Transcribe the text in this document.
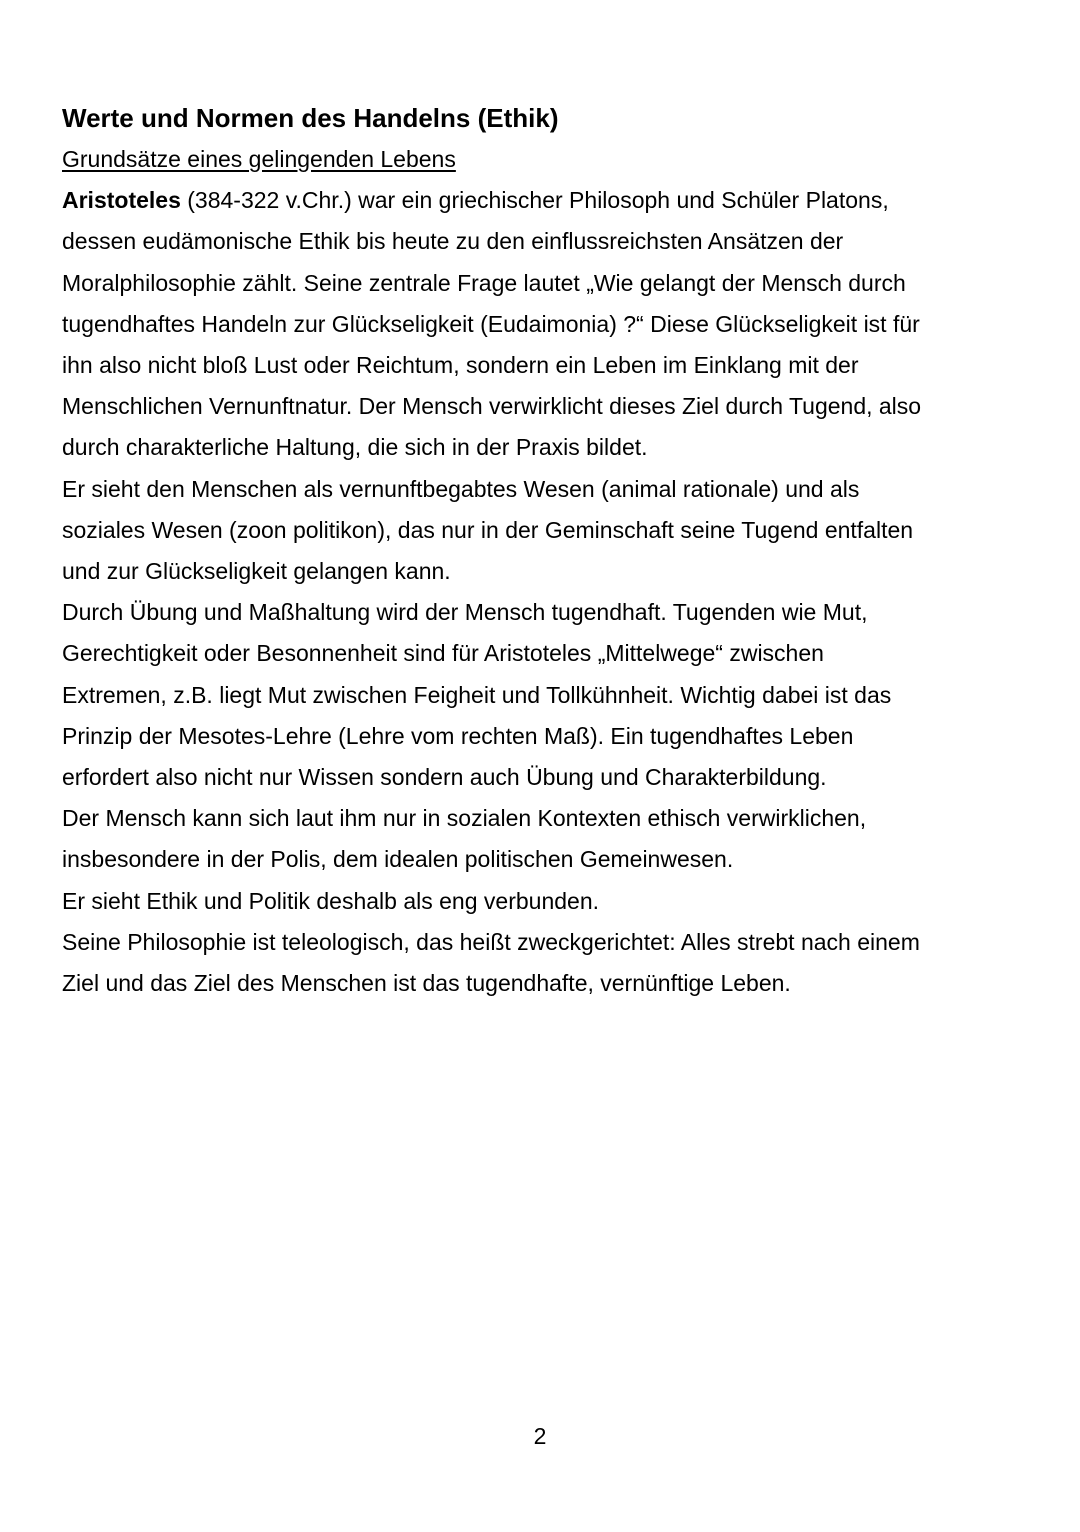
Werte und Normen des Handelns (Ethik)

Grundsätze eines gelingenden Lebens

Aristoteles (384-322 v.Chr.) war ein griechischer Philosoph und Schüler Platons,

dessen eudämonische Ethik bis heute zu den einflussreichsten Ansätzen der

Moralphilosophie zählt. Seine zentrale Frage lautet „Wie gelangt der Mensch durch

tugendhaftes Handeln zur Glückseligkeit (Eudaimonia) ?“ Diese Glückseligkeit ist für

ihn also nicht bloß Lust oder Reichtum, sondern ein Leben im Einklang mit der

Menschlichen Vernunftnatur. Der Mensch verwirklicht dieses Ziel durch Tugend, also

durch charakterliche Haltung, die sich in der Praxis bildet.

Er sieht den Menschen als vernunftbegabtes Wesen (animal rationale) und als

soziales Wesen (zoon politikon), das nur in der Geminschaft seine Tugend entfalten

und zur Glückseligkeit gelangen kann.

Durch Übung und Maßhaltung wird der Mensch tugendhaft. Tugenden wie Mut,

Gerechtigkeit oder Besonnenheit sind für Aristoteles „Mittelwege“ zwischen

Extremen, z.B. liegt Mut zwischen Feigheit und Tollkühnheit. Wichtig dabei ist das

Prinzip der Mesotes-Lehre (Lehre vom rechten Maß). Ein tugendhaftes Leben

erfordert also nicht nur Wissen sondern auch Übung und Charakterbildung.

Der Mensch kann sich laut ihm nur in sozialen Kontexten ethisch verwirklichen,

insbesondere in der Polis, dem idealen politischen Gemeinwesen.

Er sieht Ethik und Politik deshalb als eng verbunden.

Seine Philosophie ist teleologisch, das heißt zweckgerichtet: Alles strebt nach einem

Ziel und das Ziel des Menschen ist das tugendhafte, vernünftige Leben.

2
